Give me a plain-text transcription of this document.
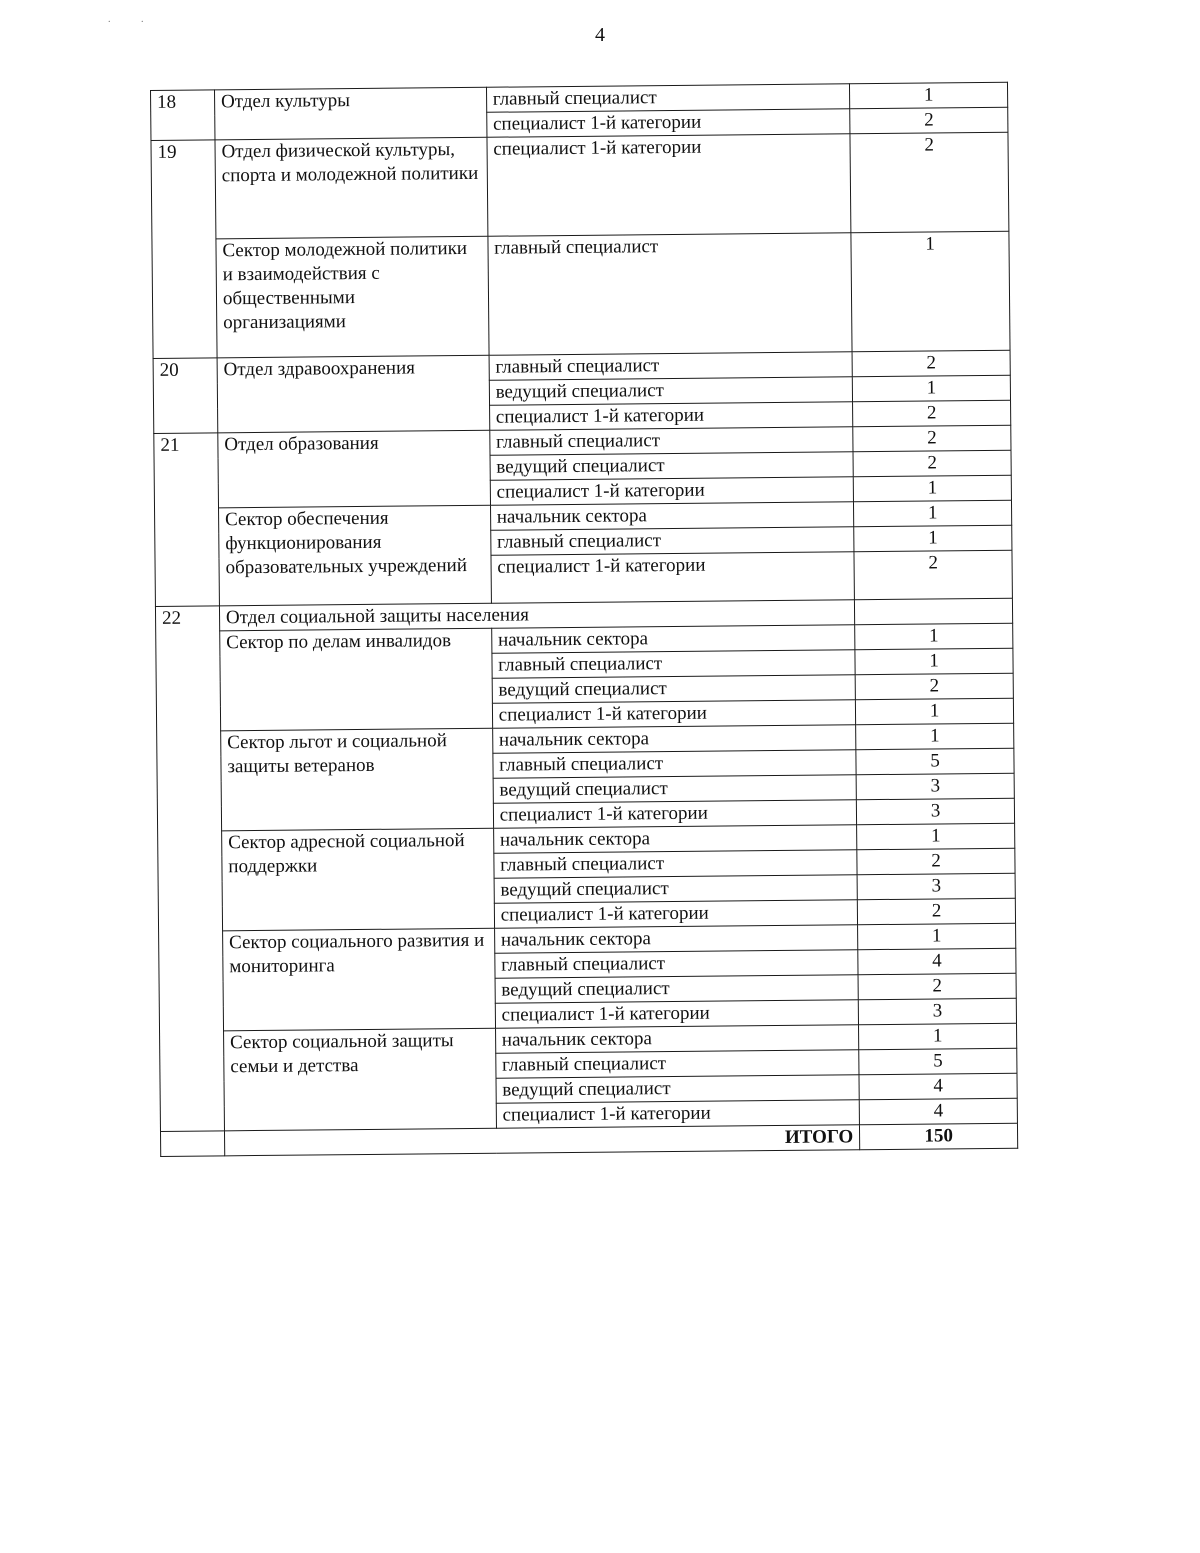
. .
4
18	Отдел культуры	главный специалист	1
		специалист 1-й категории	2
19	Отдел физической культуры, спорта и молодежной политики	специалист 1-й категории	2
	Сектор молодежной политики и взаимодействия с общественными организациями	главный специалист	1
20	Отдел здравоохранения	главный специалист	2
		ведущий специалист	1
		специалист 1-й категории	2
21	Отдел образования	главный специалист	2
		ведущий специалист	2
		специалист 1-й категории	1
	Сектор обеспечения функционирования образовательных учреждений	начальник сектора	1
		главный специалист	1
		специалист 1-й категории	2
22	Отдел социальной защиты населения		
	Сектор по делам инвалидов	начальник сектора	1
		главный специалист	1
		ведущий специалист	2
		специалист 1-й категории	1

	Сектор льгот и социальной защиты ветеранов	начальник сектора	1
		главный специалист	5
		ведущий специалист	3
		специалист 1-й категории	3
	Сектор адресной социальной поддержки	начальник сектора	1
		главный специалист	2
		ведущий специалист	3
		специалист 1-й категории	2
	Сектор социального развития и мониторинга	начальник сектора	1
		главный специалист	4
		ведущий специалист	2
		специалист 1-й категории	3
	Сектор социальной защиты семьи и детства	начальник сектора	1
		главный специалист	5
		ведущий специалист	4
		специалист 1-й категории	4
	ИТОГО		150
